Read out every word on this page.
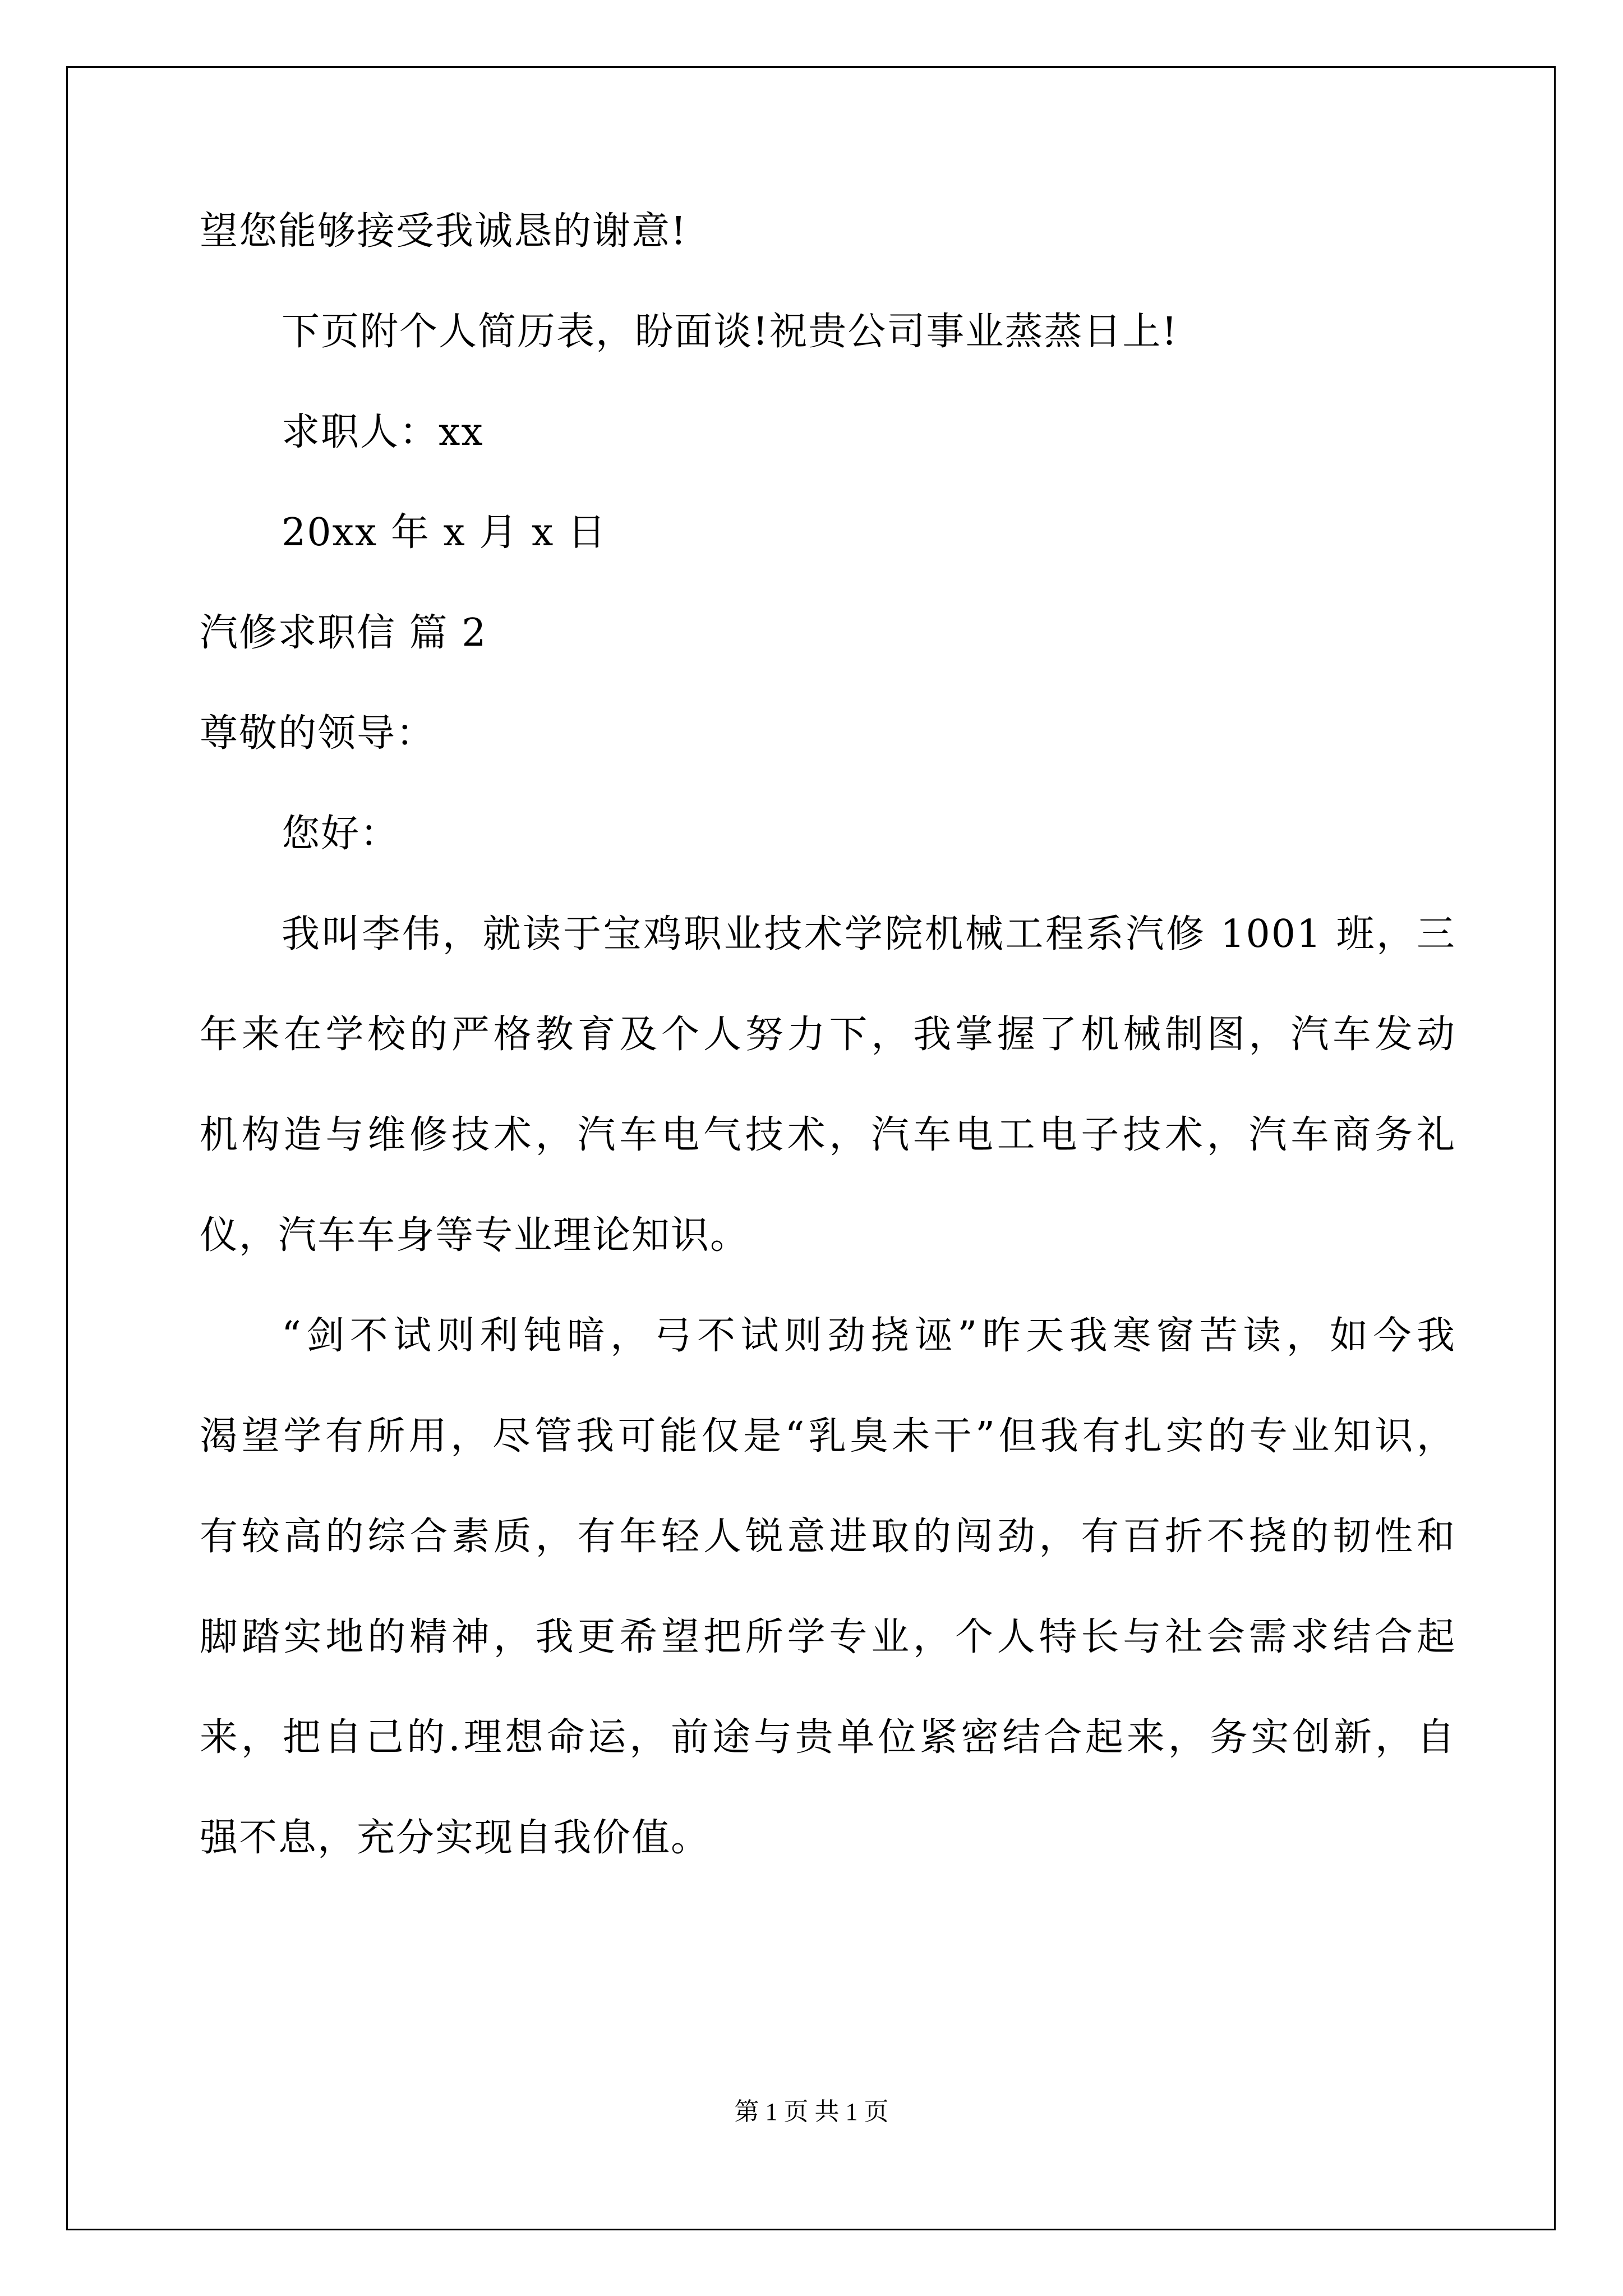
望您能够接受我诚恳的谢意!
下页附个人简历表，盼面谈!祝贵公司事业蒸蒸日上!
求职人：xx
20xx 年 x 月 x 日
汽修求职信 篇 2
尊敬的领导：
您好：
我叫李伟，就读于宝鸡职业技术学院机械工程系汽修 1001 班，三
年来在学校的严格教育及个人努力下，我掌握了机械制图，汽车发动
机构造与维修技术，汽车电气技术，汽车电工电子技术，汽车商务礼
仪，汽车车身等专业理论知识。
“剑不试则利钝暗，弓不试则劲挠诬”昨天我寒窗苦读，如今我
渴望学有所用，尽管我可能仅是“乳臭未干”但我有扎实的专业知识，
有较高的综合素质，有年轻人锐意进取的闯劲，有百折不挠的韧性和
脚踏实地的精神，我更希望把所学专业，个人特长与社会需求结合起
来，把自己的.理想命运，前途与贵单位紧密结合起来，务实创新，自
强不息，充分实现自我价值。
第 1 页 共 1 页
